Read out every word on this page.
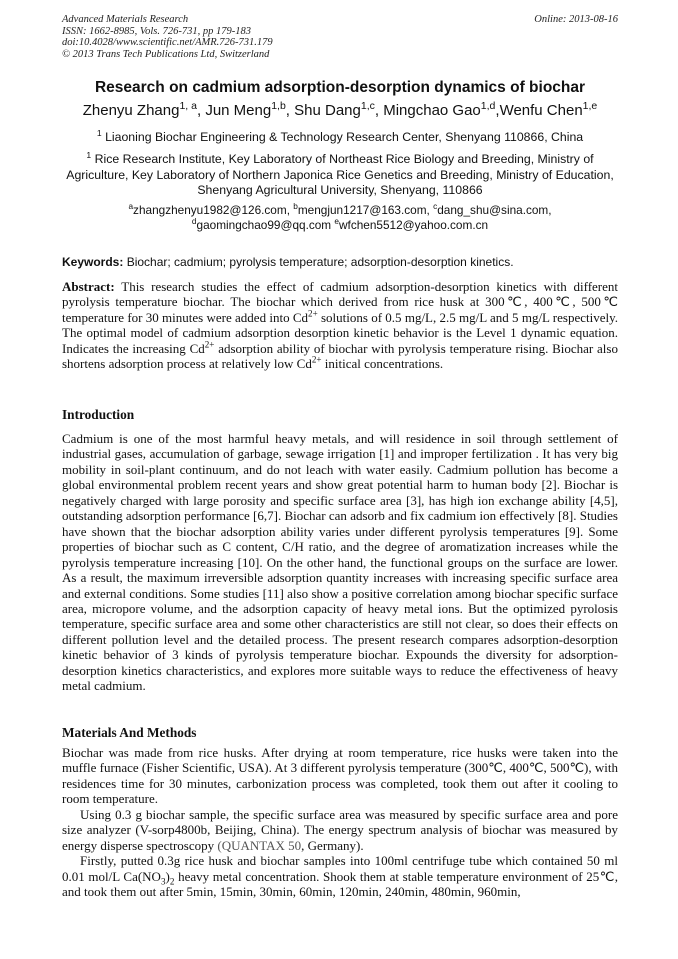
Advanced Materials Research
ISSN: 1662-8985, Vols. 726-731, pp 179-183
doi:10.4028/www.scientific.net/AMR.726-731.179
© 2013 Trans Tech Publications Ltd, Switzerland
Online: 2013-08-16
Research on cadmium adsorption-desorption dynamics of biochar
Zhenyu Zhang$^{1, a}$, Jun Meng$^{1,b}$, Shu Dang$^{1,c}$, Mingchao Gao$^{1,d}$,Wenfu Chen$^{1,e}$
$^1$ Liaoning Biochar Engineering & Technology Research Center, Shenyang 110866, China
$^1$ Rice Research Institute, Key Laboratory of Northeast Rice Biology and Breeding, Ministry of Agriculture, Key Laboratory of Northern Japonica Rice Genetics and Breeding, Ministry of Education, Shenyang Agricultural University, Shenyang, 110866
$^a$zhangzhenyu1982@126.com, $^b$mengjun1217@163.com, $^c$dang_shu@sina.com,
$^d$gaomingchao99@qq.com $^e$wfchen5512@yahoo.com.cn
Keywords: Biochar; cadmium; pyrolysis temperature; adsorption-desorption kinetics.
Abstract: This research studies the effect of cadmium adsorption-desorption kinetics with different pyrolysis temperature biochar. The biochar which derived from rice husk at 300℃, 400℃, 500℃ temperature for 30 minutes were added into $Cd^{2+}$ solutions of 0.5 mg/L, 2.5 mg/L and 5 mg/L respectively. The optimal model of cadmium adsorption desorption kinetic behavior is the Level 1 dynamic equation. Indicates the increasing $Cd^{2+}$ adsorption ability of biochar with pyrolysis temperature rising. Biochar also shortens adsorption process at relatively low $Cd^{2+}$ initical concentrations.
Introduction
Cadmium is one of the most harmful heavy metals, and will residence in soil through settlement of industrial gases, accumulation of garbage, sewage irrigation [1] and improper fertilization . It has very big mobility in soil-plant continuum, and do not leach with water easily. Cadmium pollution has become a global environmental problem recent years and show great potential harm to human body [2]. Biochar is negatively charged with large porosity and specific surface area [3], has high ion exchange ability [4,5], outstanding adsorption performance [6,7]. Biochar can adsorb and fix cadmium ion effectively [8]. Studies have shown that the biochar adsorption ability varies under different pyrolysis temperatures [9]. Some properties of biochar such as C content, C/H ratio, and the degree of aromatization increases while the pyrolysis temperature increasing [10]. On the other hand, the functional groups on the surface are lower. As a result, the maximum irreversible adsorption quantity increases with increasing specific surface area and external conditions. Some studies [11] also show a positive correlation among biochar specific surface area, micropore volume, and the adsorption capacity of heavy metal ions. But the optimized pyrolosis temperature, specific surface area and some other characteristics are still not clear, so does their effects on different pollution level and the detailed process. The present research compares adsorption-desorption kinetic behavior of 3 kinds of pyrolysis temperature biochar. Expounds the diversity for adsorption-desorption kinetics characteristics, and explores more suitable ways to reduce the effectiveness of heavy metal cadmium.
Materials And Methods

Biochar was made from rice husks. After drying at room temperature, rice husks were taken into the muffle furnace (Fisher Scientific, USA). At 3 different pyrolysis temperature (300℃, 400℃, 500℃), with residences time for 30 minutes, carbonization process was completed, took them out after it cooling to room temperature.

Using 0.3 g biochar sample, the specific surface area was measured by specific surface area and pore size analyzer (V-sorp4800b, Beijing, China). The energy spectrum analysis of biochar was measured by energy disperse spectroscopy (QUANTAX 50, Germany).

Firstly, putted 0.3g rice husk and biochar samples into 100ml centrifuge tube which contained 50 ml 0.01 mol/L $Ca(NO_3)_2$ heavy metal concentration. Shook them at stable temperature environment of 25℃, and took them out after 5min, 15min, 30min, 60min, 120min, 240min, 480min, 960min,
